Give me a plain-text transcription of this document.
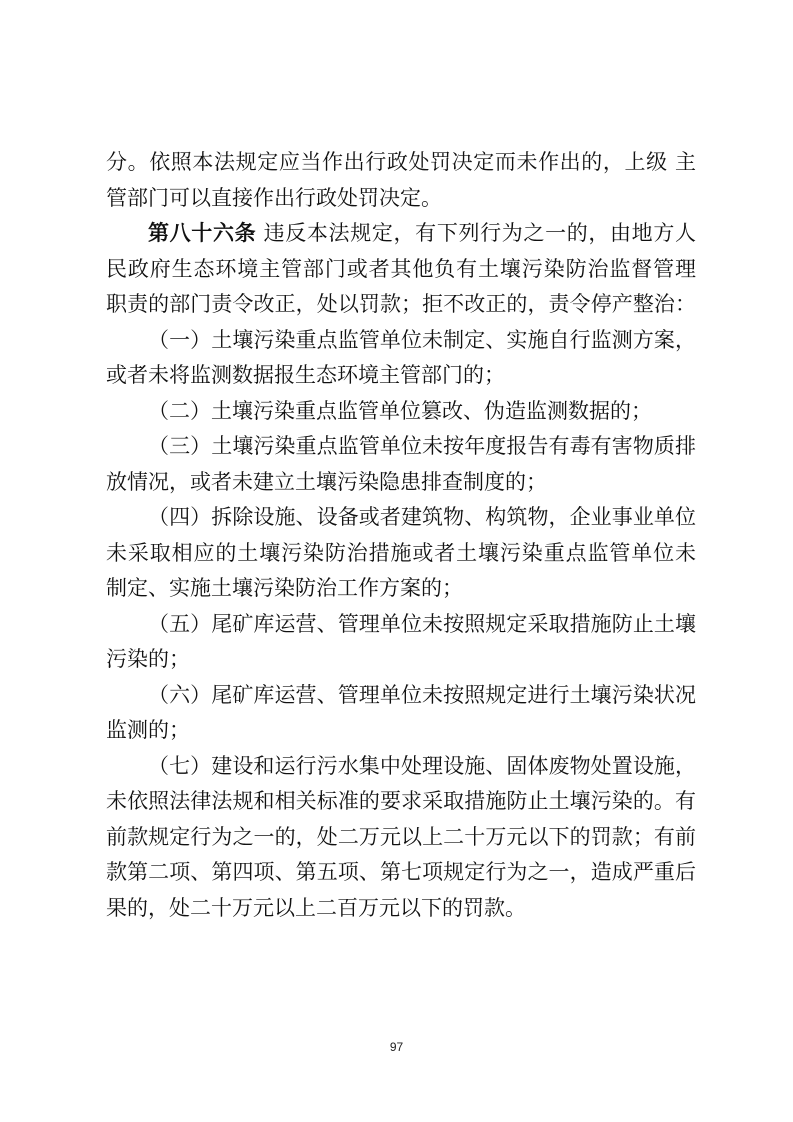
分。依照本法规定应当作出行政处罚决定而未作出的，上级 主
管部门可以直接作出行政处罚决定。
第八十六条 违反本法规定，有下列行为之一的，由地方人
民政府生态环境主管部门或者其他负有土壤污染防治监督管理
职责的部门责令改正，处以罚款；拒不改正的，责令停产整治：
（一）土壤污染重点监管单位未制定、实施自行监测方案，
或者未将监测数据报生态环境主管部门的；
（二）土壤污染重点监管单位篡改、伪造监测数据的；
（三）土壤污染重点监管单位未按年度报告有毒有害物质排
放情况，或者未建立土壤污染隐患排查制度的；
（四）拆除设施、设备或者建筑物、构筑物，企业事业单位
未采取相应的土壤污染防治措施或者土壤污染重点监管单位未
制定、实施土壤污染防治工作方案的；
（五）尾矿库运营、管理单位未按照规定采取措施防止土壤
污染的；
（六）尾矿库运营、管理单位未按照规定进行土壤污染状况
监测的；
（七）建设和运行污水集中处理设施、固体废物处置设施，
未依照法律法规和相关标准的要求采取措施防止土壤污染的。有
前款规定行为之一的，处二万元以上二十万元以下的罚款；有前
款第二项、第四项、第五项、第七项规定行为之一，造成严重后
果的，处二十万元以上二百万元以下的罚款。
97
